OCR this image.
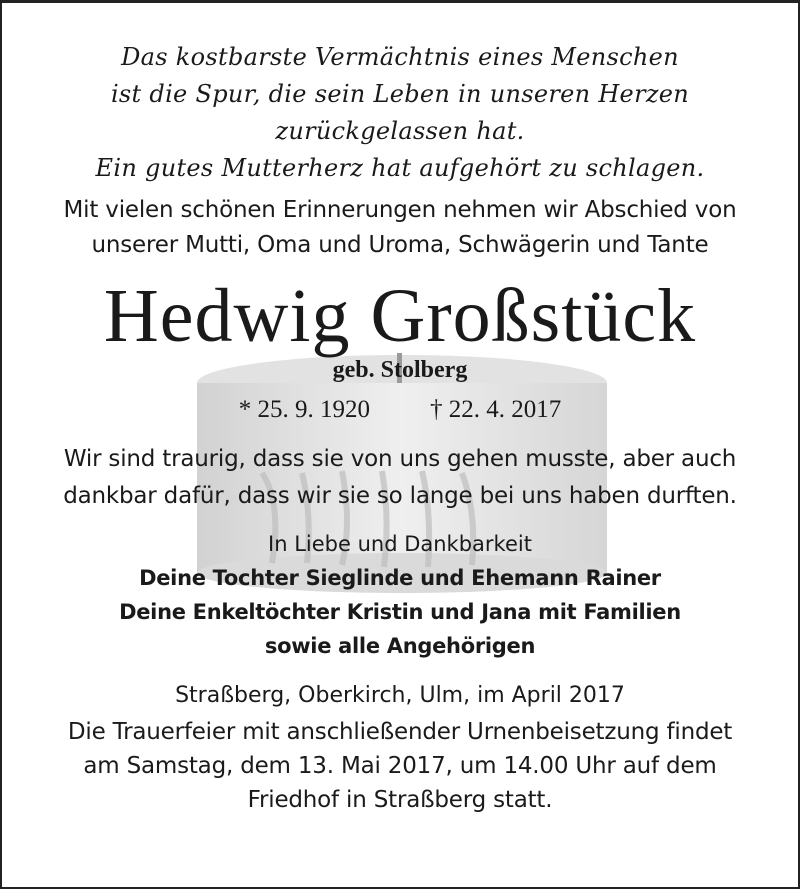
Das kostbarste Vermächtnis eines Menschen
ist die Spur, die sein Leben in unseren Herzen
zurückgelassen hat.
Ein gutes Mutterherz hat aufgehört zu schlagen.
Mit vielen schönen Erinnerungen nehmen wir Abschied von
unserer Mutti, Oma und Uroma, Schwägerin und Tante
Hedwig Großstück
geb. Stolberg
* 25. 9. 1920 † 22. 4. 2017
Wir sind traurig, dass sie von uns gehen musste, aber auch
dankbar dafür, dass wir sie so lange bei uns haben durften.
In Liebe und Dankbarkeit
Deine Tochter Sieglinde und Ehemann Rainer
Deine Enkeltöchter Kristin und Jana mit Familien
sowie alle Angehörigen
Straßberg, Oberkirch, Ulm, im April 2017
Die Trauerfeier mit anschließender Urnenbeisetzung findet
am Samstag, dem 13. Mai 2017, um 14.00 Uhr auf dem
Friedhof in Straßberg statt.
